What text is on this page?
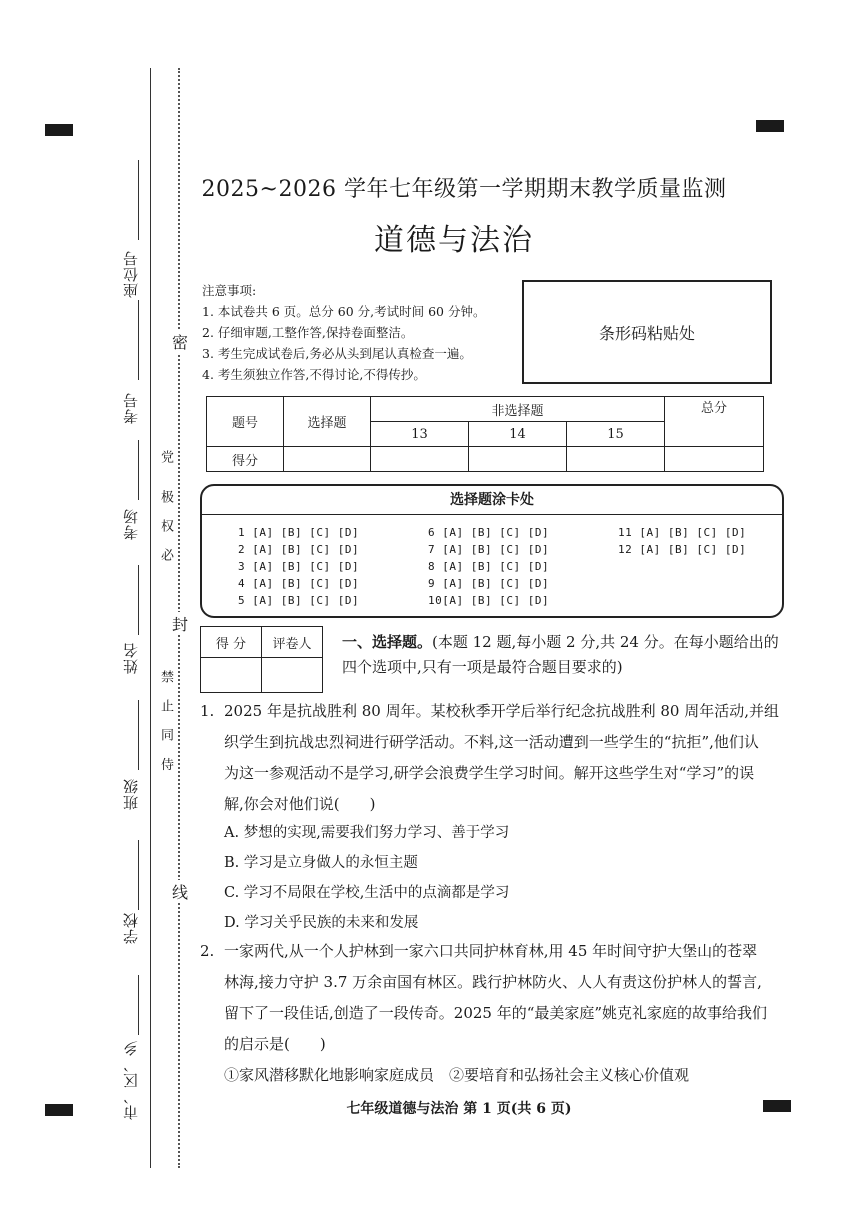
座位号
考号
考场
姓名
班级
学校
市、区、乡
密
封
线
党
极 权 必
禁 止 同 侍
2025~2026 学年七年级第一学期期末教学质量监测
道德与法治
注意事项:
1. 本试卷共 6 页。总分 60 分,考试时间 60 分钟。
2. 仔细审题,工整作答,保持卷面整洁。
3. 考生完成试卷后,务必从头到尾认真检查一遍。
4. 考生须独立作答,不得讨论,不得传抄。
条形码粘贴处
题号	选择题	非选择题			总分
		13	14	15	
得分					
选择题涂卡处
1 [A] [B] [C] [D]
2 [A] [B] [C] [D]
3 [A] [B] [C] [D]
4 [A] [B] [C] [D]
5 [A] [B] [C] [D]
6 [A] [B] [C] [D]
7 [A] [B] [C] [D]
8 [A] [B] [C] [D]
9 [A] [B] [C] [D]
10[A] [B] [C] [D]
11 [A] [B] [C] [D]
12 [A] [B] [C] [D]
得 分	评卷人
	一、选择题。(本题 12 题,每小题 2 分,共 24 分。在每小题给出的四个选项中,只有一项是最符合题目要求的)
1. 2025 年是抗战胜利 80 周年。某校秋季开学后举行纪念抗战胜利 80 周年活动,并组
织学生到抗战忠烈祠进行研学活动。不料,这一活动遭到一些学生的“抗拒”,他们认
为这一参观活动不是学习,研学会浪费学生学习时间。解开这些学生对“学习”的误
解,你会对他们说(　　)
A. 梦想的实现,需要我们努力学习、善于学习
B. 学习是立身做人的永恒主题
C. 学习不局限在学校,生活中的点滴都是学习
D. 学习关乎民族的未来和发展
2. 一家两代,从一个人护林到一家六口共同护林育林,用 45 年时间守护大堡山的苍翠
林海,接力守护 3.7 万余亩国有林区。践行护林防火、人人有责这份护林人的誓言,
留下了一段佳话,创造了一段传奇。2025 年的“最美家庭”姚克礼家庭的故事给我们
的启示是(　　)
①家风潜移默化地影响家庭成员　②要培育和弘扬社会主义核心价值观
七年级道德与法治 第 1 页(共 6 页)
